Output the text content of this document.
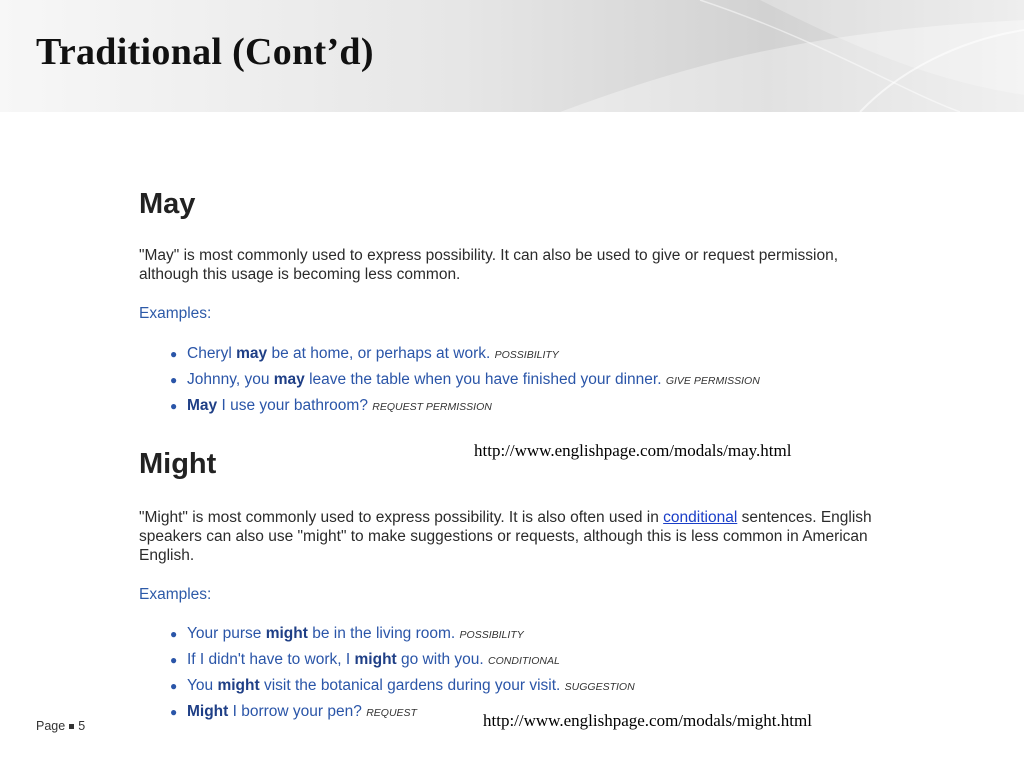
Traditional (Cont’d)
May

"May" is most commonly used to express possibility. It can also be used to give or request permission, although this usage is becoming less common.

Examples:

● Cheryl may be at home, or perhaps at work. POSSIBILITY
● Johnny, you may leave the table when you have finished your dinner. GIVE PERMISSION
● May I use your bathroom? REQUEST PERMISSION

http://www.englishpage.com/modals/may.html

Might

"Might" is most commonly used to express possibility. It is also often used in conditional sentences. English speakers can also use "might" to make suggestions or requests, although this is less common in American English.

Examples:

● Your purse might be in the living room. POSSIBILITY
● If I didn't have to work, I might go with you. CONDITIONAL
● You might visit the botanical gardens during your visit. SUGGESTION
● Might I borrow your pen? REQUEST	http://www.englishpage.com/modals/might.html

Page 5
